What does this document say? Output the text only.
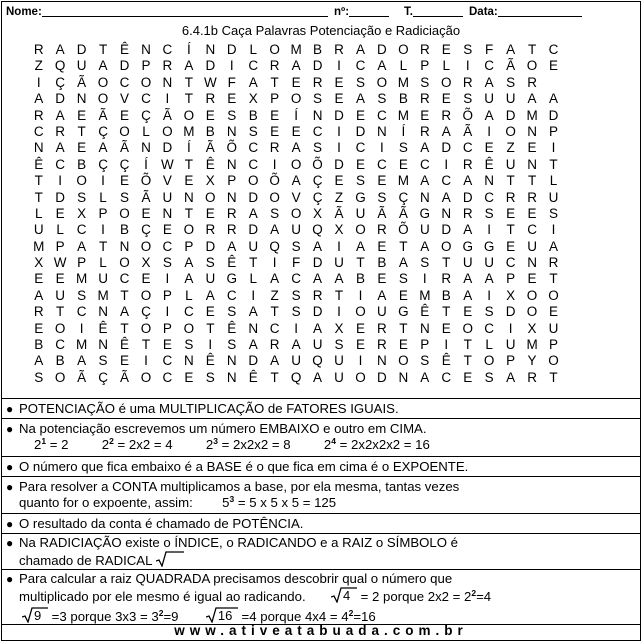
Nome:	nº:	T.	Data:
6.4.1b Caça Palavras Potenciação e Radiciação
R A D T Ê N C	Í	N D L O M B R A D O R E S F A T C
Z Q U A D P R A D	I	C R A D	I	C A L P L	I	C Ã O E
I	Ç Ã O C O N T W F A T E R E S O M S O R A S R
A D N O V C	I	T R E X P O S E A S B R E S U U A A
R A E Ã E Ç Ã O E S B E	Í	N D E C M E R Õ A D M D
C R T Ç O L O M B N S E E C	I	D N	Í	R A Ã	I	O N P
N A E A Ã N D	Í	Ã Õ C R A S	I	C	I	S A D C E Z E	I
Ê C B Ç Ç	Í W T Ê N C	I	O Õ D E C E C	I	R Ê U N T
T	I	O	I	E Õ V E X P O Õ A Ç E S E M A C A N T T	L
T D S L S Ã U N O N D O V Ç Z G S Ç N A D C R R U
L E X P O E N T E R A S O X Ã U Ã Ã G N R S E E S
U L C	I	B Ç E O R R D A U Q X O R Õ U D A	I	T C	I
M P A T N O C P D A U Q S A	I	A E T A O G G E U A
X W P L O X S A S Ê T	I	F D U T B A S T U U C N R
E E M U C E	I	A U G L A C A A B E S	I	R A A P E T
A U S M T O P L A C	I	Z S R T	I	A E M B A	I	X O O
R T C N A Ç	I	C E S A T S D	I	O U G Ê T E S D O E
E O	I	Ê T O P O T Ê N C	I	A X E R T N E O C	I	X U
B C M N Ê T E S	I	S A R A U S E R E P	I	T	L U M P
A B A S E	I	C N Ê N D A U Q U	I	N O S Ê T O P Y O
S O Ã Ç Ã O C E S N Ê T Q A U O D N A C E S A R T
● POTENCIAÇÃO é uma MULTIPLICAÇÃO de FATORES IGUAIS.
● Na potenciação escrevemos um número EMBAIXO e outro em CIMA.
$2^1 = 2$	$2^2 = 2x2 = 4$	$2^3 = 2x2x2 = 8$	$2^4 = 2x2x2x2 = 16$
● O número que fica embaixo é a BASE é o que fica em cima é o EXPOENTE.
● Para resolver a CONTA multiplicamos a base, por ela mesma, tantas vezes
quanto for o expoente, assim: $5^3 = 5$ x 5 x 5 = 125
● O resultado da conta é chamado de POTÊNCIA.
● Na RADICIAÇÃO existe o ÍNDICE, o RADICANDO e a RAIZ o SÍMBOLO é
chamado de RADICAL
● Para calcular a raiz QUADRADA precisamos descobrir qual o número que
multiplicado por ele mesmo é igual ao radicando.	4 = 2 porque $2x2 = 2^2=4$
9 =3 porque $3x3 = 3^2=9$	16 =4 porque $4x4 = 4^2=16$
www.ativeatabuada.com.br
